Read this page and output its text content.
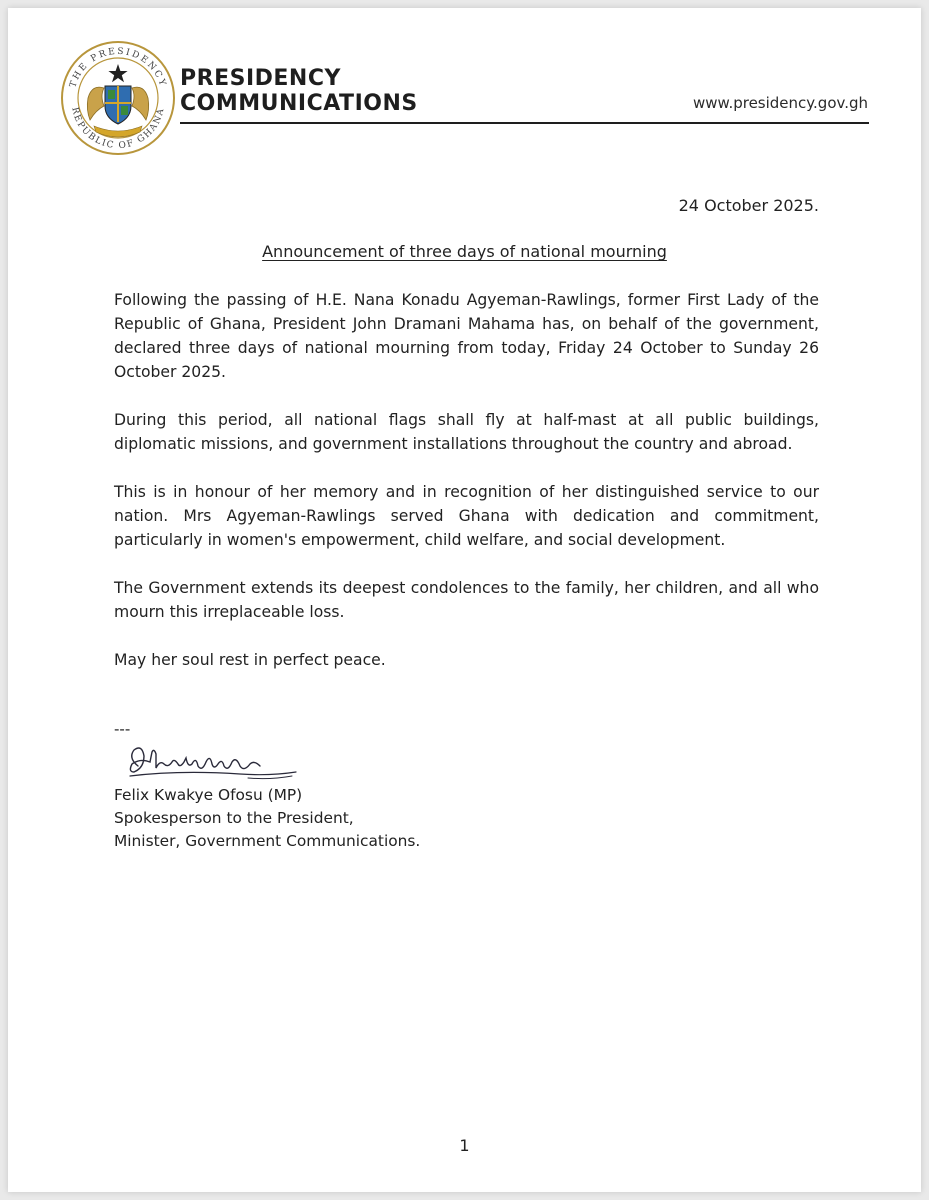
THE PRESIDENCY
REPUBLIC OF GHANA
PRESIDENCY
COMMUNICATIONS	www.presidency.gov.gh
24 October 2025.
Announcement of three days of national mourning

Following the passing of H.E. Nana Konadu Agyeman-Rawlings, former First Lady of the Republic of Ghana, President John Dramani Mahama has, on behalf of the government, declared three days of national mourning from today, Friday 24 October to Sunday 26 October 2025.

During this period, all national flags shall fly at half-mast at all public buildings, diplomatic missions, and government installations throughout the country and abroad.

This is in honour of her memory and in recognition of her distinguished service to our nation. Mrs Agyeman-Rawlings served Ghana with dedication and commitment, particularly in women's empowerment, child welfare, and social development.

The Government extends its deepest condolences to the family, her children, and all who mourn this irreplaceable loss.

May her soul rest in perfect peace.

---
Felix Kwakye Ofosu (MP)
Spokesperson to the President,
Minister, Government Communications.
1
